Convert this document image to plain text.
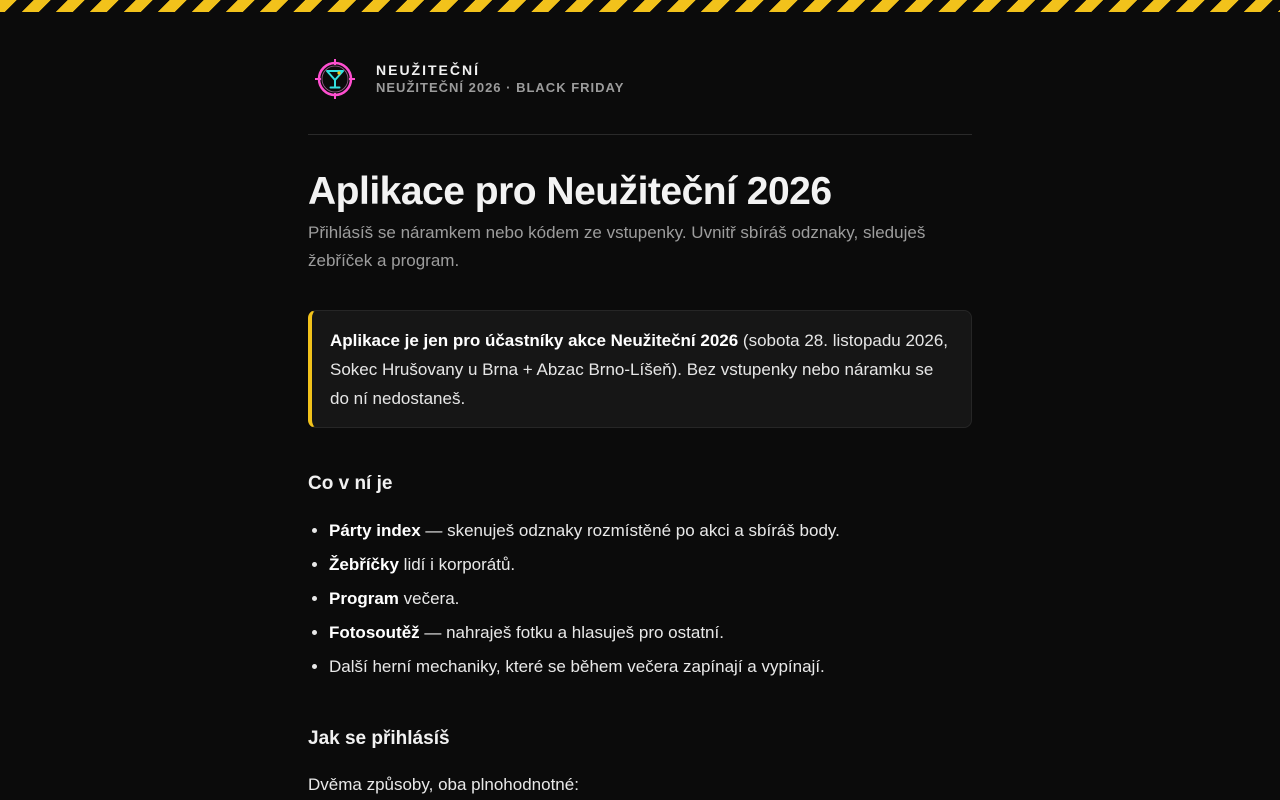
NEUŽITEČNÍ
NEUŽITEČNÍ 2026 · BLACK FRIDAY
Aplikace pro Neužiteční 2026

Přihlásíš se náramkem nebo kódem ze vstupenky. Uvnitř sbíráš odznaky, sleduješ žebříček a program.

Aplikace je jen pro účastníky akce Neužiteční 2026 (sobota 28. listopadu 2026, Sokec Hrušovany u Brna + Abzac Brno-Líšeň). Bez vstupenky nebo náramku se do ní nedostaneš.
Co v ní je
• Párty index — skenuješ odznaky rozmístěné po akci a sbíráš body.
• Žebříčky lidí i korporátů.
• Program večera.
• Fotosoutěž — nahraješ fotku a hlasuješ pro ostatní.
• Další herní mechaniky, které se během večera zapínají a vypínají.
Jak se přihlásíš

Dvěma způsoby, oba plnohodnotné:
